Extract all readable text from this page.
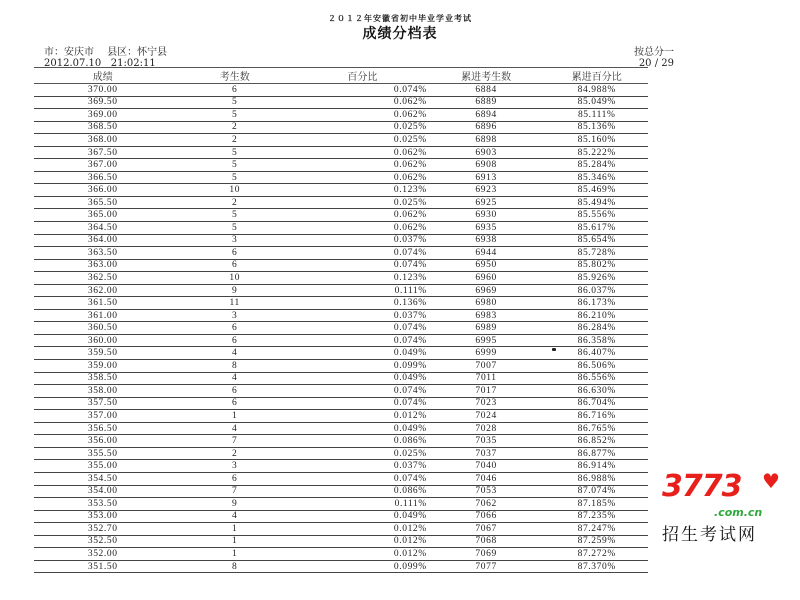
２０１２年安徽省初中毕业学业考试
成绩分档表
市：安庆市 县区：怀宁县
2012.07.10   21:02:11
按总分一
20 / 29
成绩	考生数	百分比	累进考生数	累进百分比
370.00	6	0.074%	6884	84.988%
369.50	5	0.062%	6889	85.049%
369.00	5	0.062%	6894	85.111%
368.50	2	0.025%	6896	85.136%
368.00	2	0.025%	6898	85.160%
367.50	5	0.062%	6903	85.222%
367.00	5	0.062%	6908	85.284%
366.50	5	0.062%	6913	85.346%
366.00	10	0.123%	6923	85.469%
365.50	2	0.025%	6925	85.494%
365.00	5	0.062%	6930	85.556%
364.50	5	0.062%	6935	85.617%
364.00	3	0.037%	6938	85.654%
363.50	6	0.074%	6944	85.728%
363.00	6	0.074%	6950	85.802%
362.50	10	0.123%	6960	85.926%
362.00	9	0.111%	6969	86.037%
361.50	11	0.136%	6980	86.173%
361.00	3	0.037%	6983	86.210%
360.50	6	0.074%	6989	86.284%
360.00	6	0.074%	6995	86.358%
359.50	4	0.049%	6999	86.407%
359.00	8	0.099%	7007	86.506%
358.50	4	0.049%	7011	86.556%
358.00	6	0.074%	7017	86.630%
357.50	6	0.074%	7023	86.704%
357.00	1	0.012%	7024	86.716%
356.50	4	0.049%	7028	86.765%
356.00	7	0.086%	7035	86.852%
355.50	2	0.025%	7037	86.877%
355.00	3	0.037%	7040	86.914%
354.50	6	0.074%	7046	86.988%
354.00	7	0.086%	7053	87.074%
353.50	9	0.111%	7062	87.185%
353.00	4	0.049%	7066	87.235%
352.70	1	0.012%	7067	87.247%
352.50	1	0.012%	7068	87.259%
352.00	1	0.012%	7069	87.272%
351.50	8	0.099%	7077	87.370%
3773 ♥
.com.cn
招生考试网
